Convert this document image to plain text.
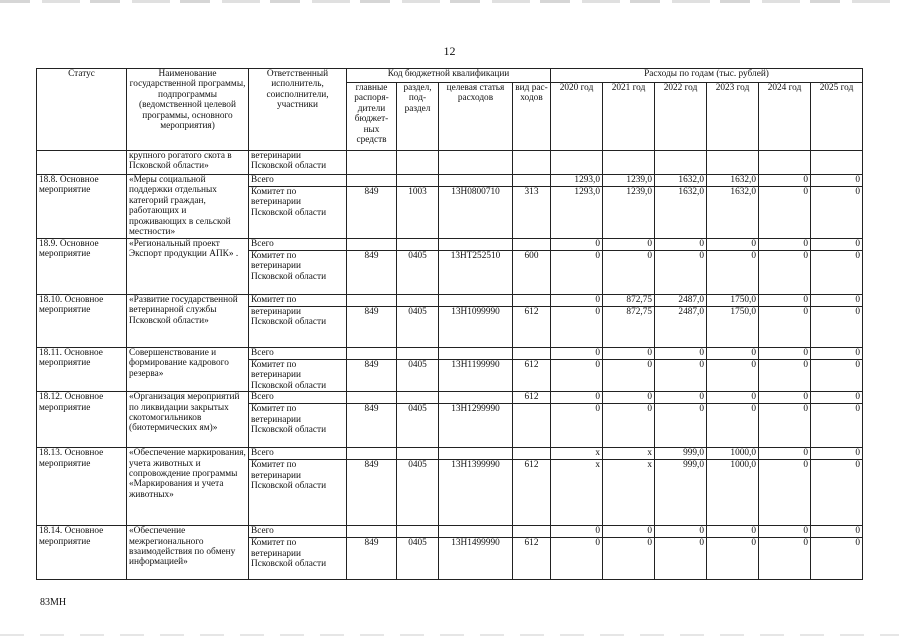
12
Статус	Наименование государственной программы, подпрограммы (ведомственной целевой программы, основного мероприятия)	Ответственный исполнитель, соисполнители, участники	Код бюджетной квалификации				Расходы по годам (тыс. рублей)					
			главные распоря-дители бюджет-ных средств	раздел, под-раздел	целевая статья расходов	вид рас-ходов	2020 год	2021 год	2022 год	2023 год	2024 год	2025 год
	крупного рогатого скота в Псковской области»	ветеринарии Псковской области										
18.8. Основное мероприятие	«Меры социальной поддержки отдельных категорий граждан, работающих и проживающих в сельской местности»	Всего					1293,0	1239,0	1632,0	1632,0	0	0
		Комитет по ветеринарии Псковской области	849	1003	13Н0800710	313	1293,0	1239,0	1632,0	1632,0	0	0
18.9. Основное мероприятие	«Региональный проект Экспорт продукции АПК» .	Всего					0	0	0	0	0	0
		Комитет по ветеринарии Псковской области	849	0405	13НТ252510	600	0	0	0	0	0	0
18.10. Основное мероприятие	«Развитие государственной ветеринарной службы Псковской области»	Комитет по					0	872,75	2487,0	1750,0	0	0
		ветеринарии Псковской области	849	0405	13Н1099990	612	0	872,75	2487,0	1750,0	0	0
18.11. Основное мероприятие	Совершенствование и формирование кадрового резерва»	Всего					0	0	0	0	0	0
		Комитет по ветеринарии Псковской области	849	0405	13Н1199990	612	0	0	0	0	0	0
18.12. Основное мероприятие	«Организация мероприятий по ликвидации закрытых скотомогильников (биотермических ям)»	Всего				612	0	0	0	0	0	0
		Комитет по ветеринарии Псковской области	849	0405	13Н1299990		0	0	0	0	0	0
18.13. Основное мероприятие	«Обеспечение маркирования, учета животных и сопровождение программы «Маркирования и учета животных»	Всего					x	x	999,0	1000,0	0	0
		Комитет по ветеринарии Псковской области	849	0405	13Н1399990	612	x	x	999,0	1000,0	0	0
18.14. Основное мероприятие	«Обеспечение межрегионального взаимодействия по обмену информацией»	Всего					0	0	0	0	0	0
		Комитет по ветеринарии Псковской области	849	0405	13Н1499990	612	0	0	0	0	0	0
83МН
